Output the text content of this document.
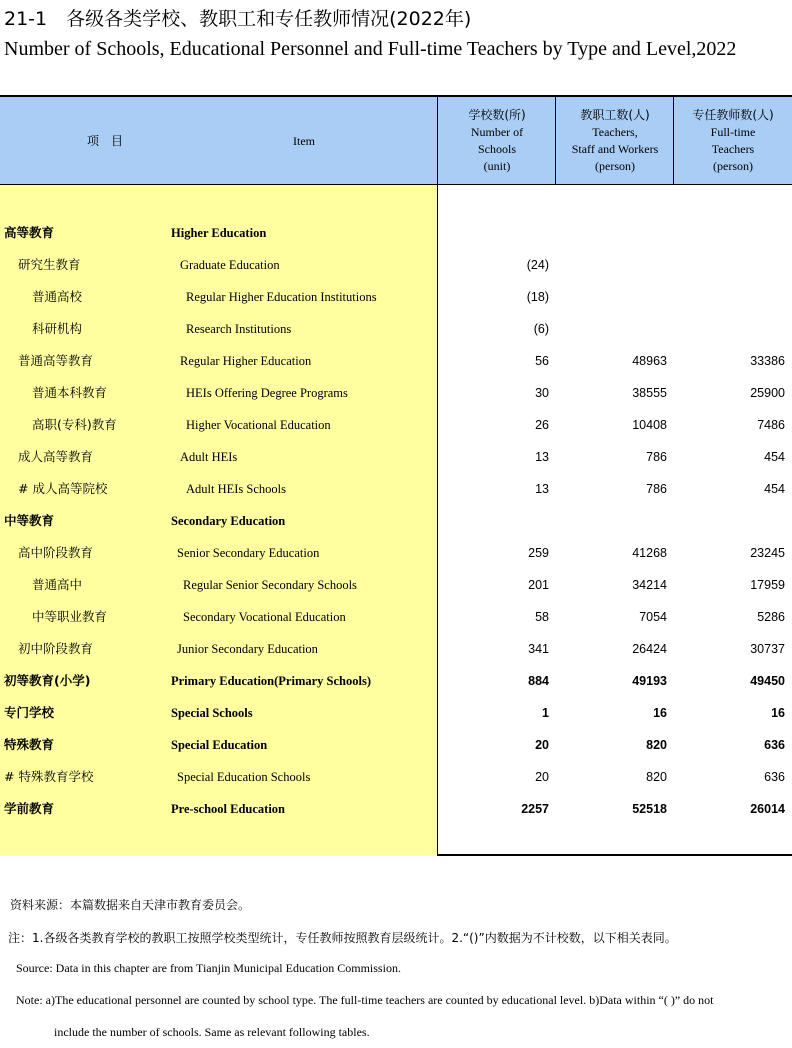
21-1　各级各类学校、教职工和专任教师情况(2022年)
Number of Schools, Educational Personnel and Full-time Teachers by Type and Level,2022
项　目	Item
学校数(所)
Number of
Schools
(unit)
教职工数(人)
Teachers,
Staff and Workers
(person)
专任教师数(人)
Full-time
Teachers
(person)
高等教育	Higher Education
研究生教育	Graduate Education	(24)
普通高校	Regular Higher Education Institutions	(18)
科研机构	Research Institutions	(6)
普通高等教育	Regular Higher Education	56	48963	33386
普通本科教育	HEIs Offering Degree Programs	30	38555	25900
高职(专科)教育	Higher Vocational Education	26	10408	7486
成人高等教育	Adult HEIs	13	786	454
# 成人高等院校	Adult HEIs Schools	13	786	454
中等教育	Secondary Education
高中阶段教育	Senior Secondary Education	259	41268	23245
普通高中	Regular Senior Secondary Schools	201	34214	17959
中等职业教育	Secondary Vocational Education	58	7054	5286
初中阶段教育	Junior Secondary Education	341	26424	30737
初等教育(小学)	Primary Education(Primary Schools)	884	49193	49450
专门学校	Special Schools	1	16	16
特殊教育	Special Education	20	820	636
# 特殊教育学校	Special Education Schools	20	820	636
学前教育	Pre-school Education	2257	52518	26014
资料来源：本篇数据来自天津市教育委员会。
注：1.各级各类教育学校的教职工按照学校类型统计，专任教师按照教育层级统计。2.“()”内数据为不计校数，以下相关表同。
Source: Data in this chapter are from Tianjin Municipal Education Commission.
Note: a)The educational personnel are counted by school type. The full-time teachers are counted by educational level. b)Data within “( )” do not
include the number of schools. Same as relevant following tables.
